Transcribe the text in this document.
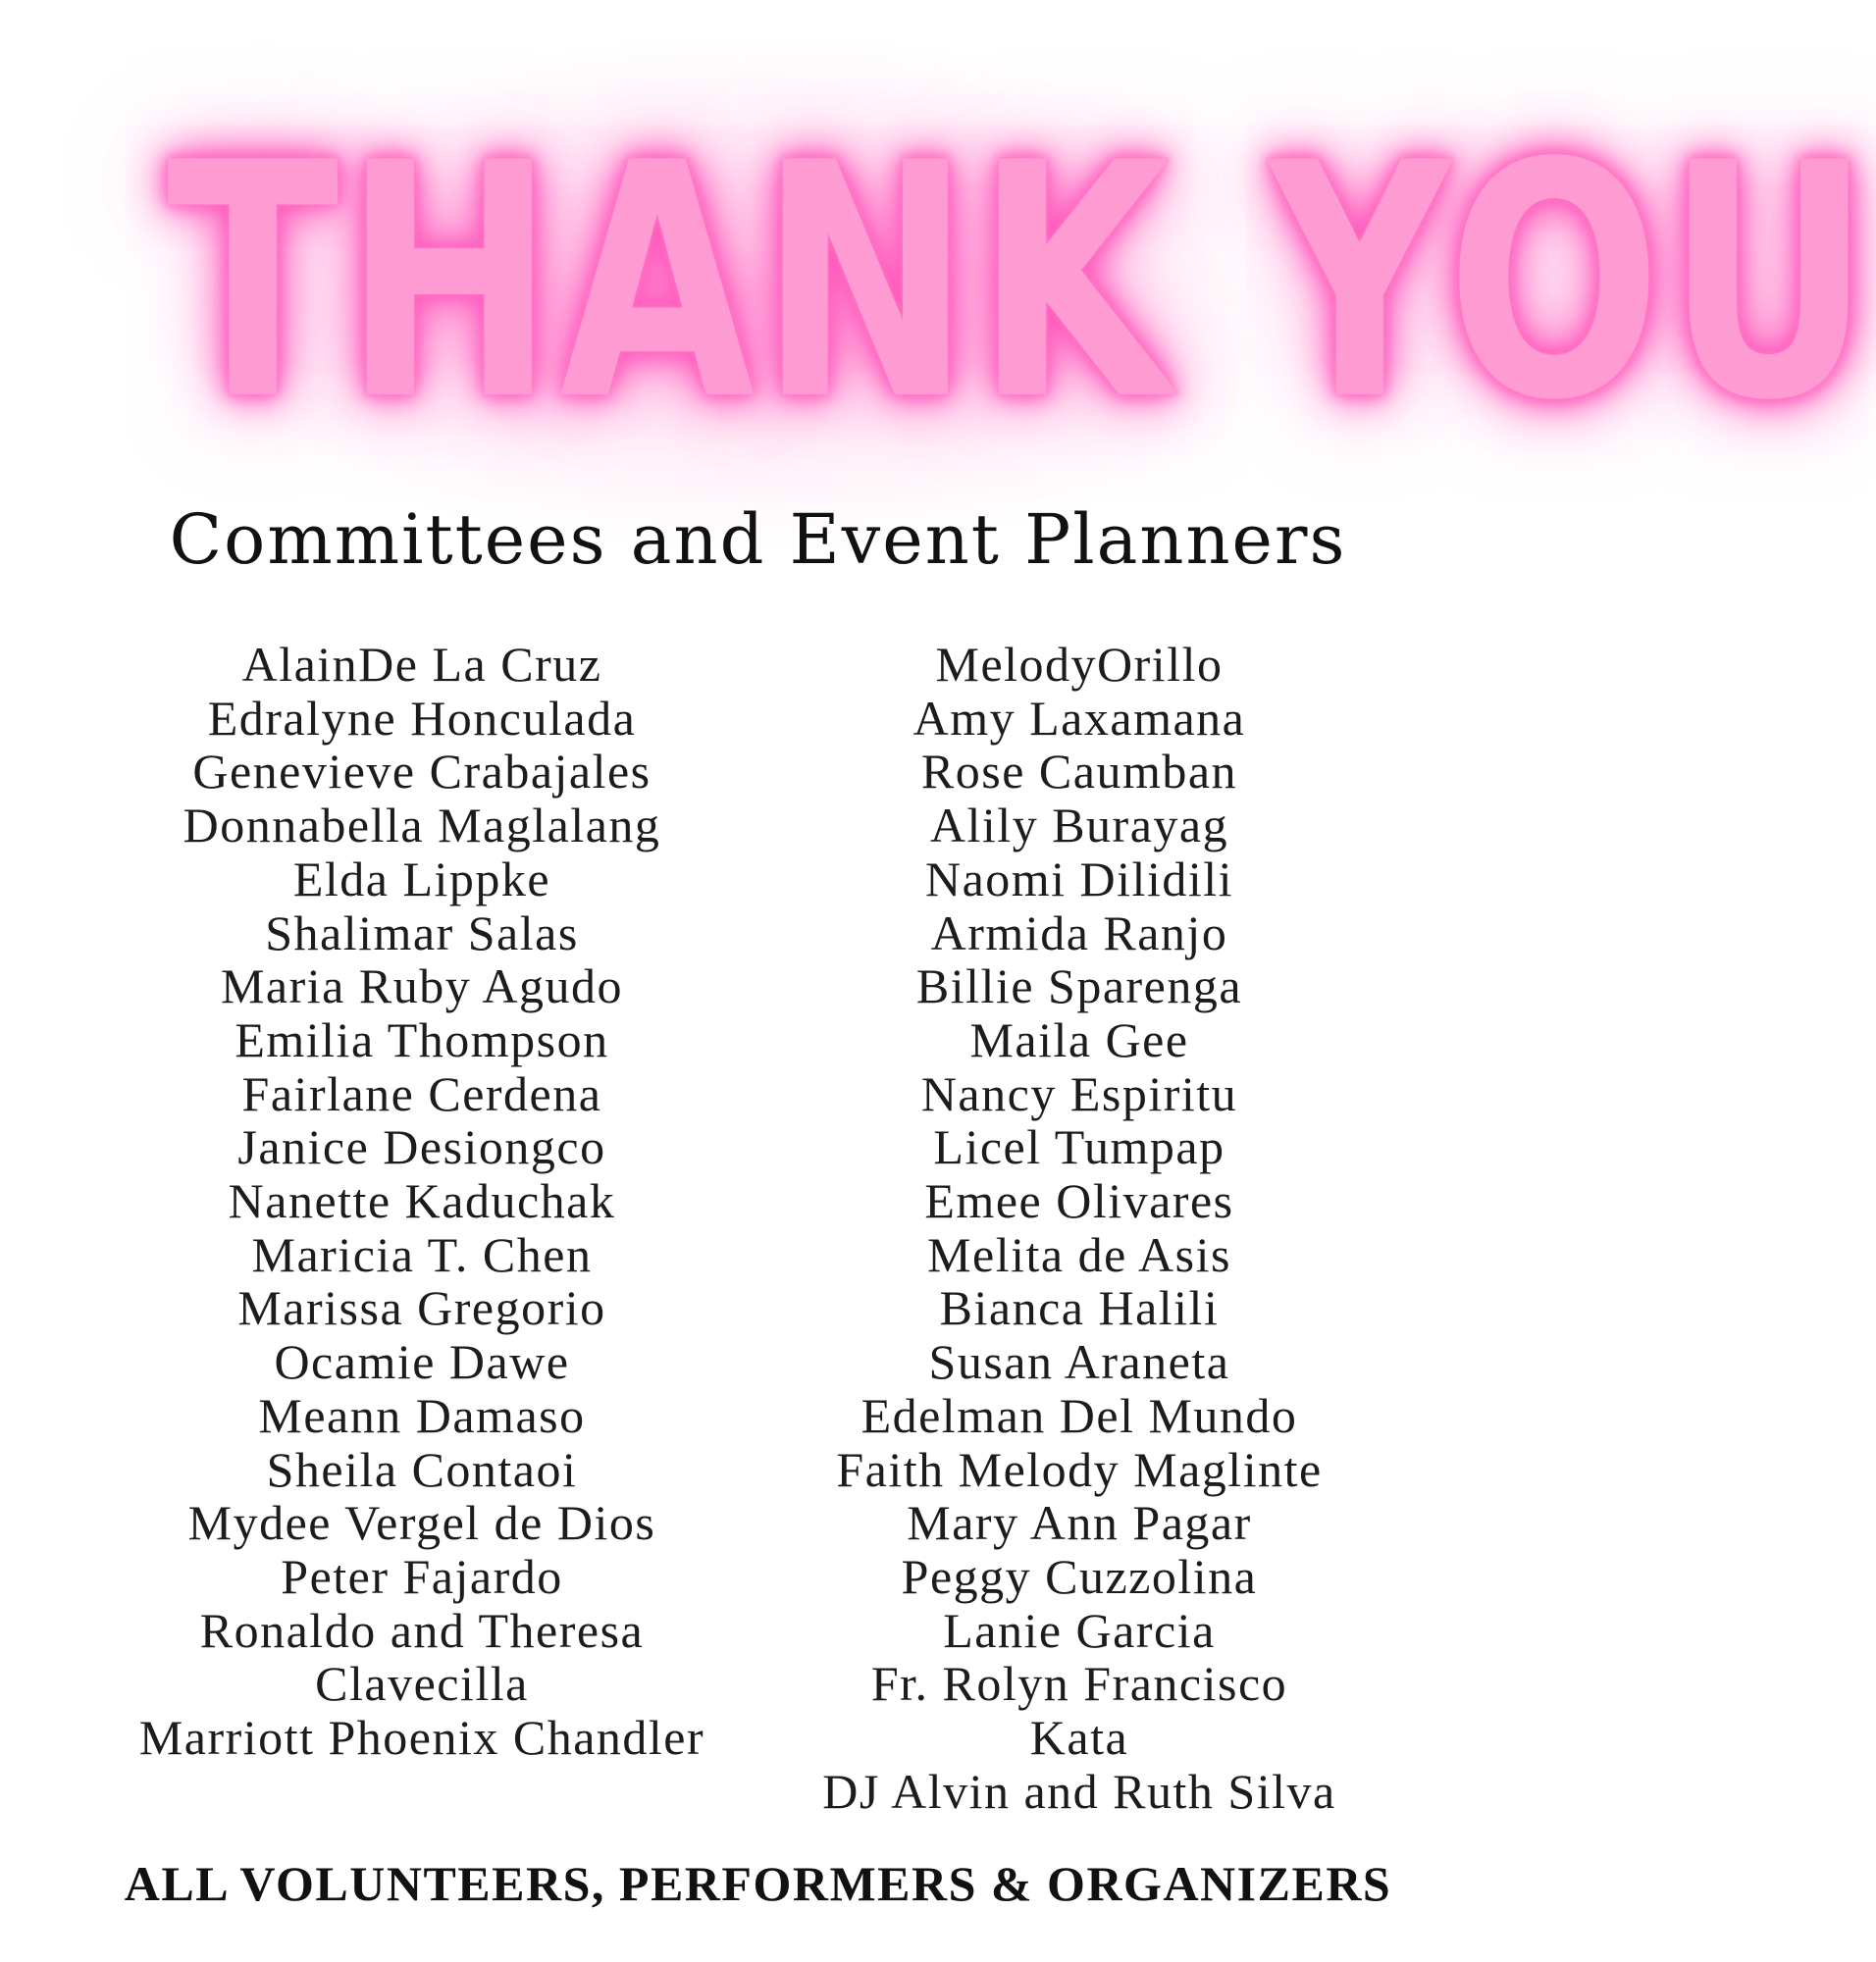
THANK YOU
Committees and Event Planners
AlainDe La Cruz
Edralyne Honculada
Genevieve Crabajales
Donnabella Maglalang
Elda Lippke
Shalimar Salas
Maria Ruby Agudo
Emilia Thompson
Fairlane Cerdena
Janice Desiongco
Nanette Kaduchak
Maricia T. Chen
Marissa Gregorio
Ocamie Dawe
Meann Damaso
Sheila Contaoi
Mydee Vergel de Dios
Peter Fajardo
Ronaldo and Theresa
Clavecilla
Marriott Phoenix Chandler
MelodyOrillo
Amy Laxamana
Rose Caumban
Alily Burayag
Naomi Dilidili
Armida Ranjo
Billie Sparenga
Maila Gee
Nancy Espiritu
Licel Tumpap
Emee Olivares
Melita de Asis
Bianca Halili
Susan Araneta
Edelman Del Mundo
Faith Melody Maglinte
Mary Ann Pagar
Peggy Cuzzolina
Lanie Garcia
Fr. Rolyn Francisco
Kata
DJ Alvin and Ruth Silva
ALL VOLUNTEERS, PERFORMERS & ORGANIZERS
